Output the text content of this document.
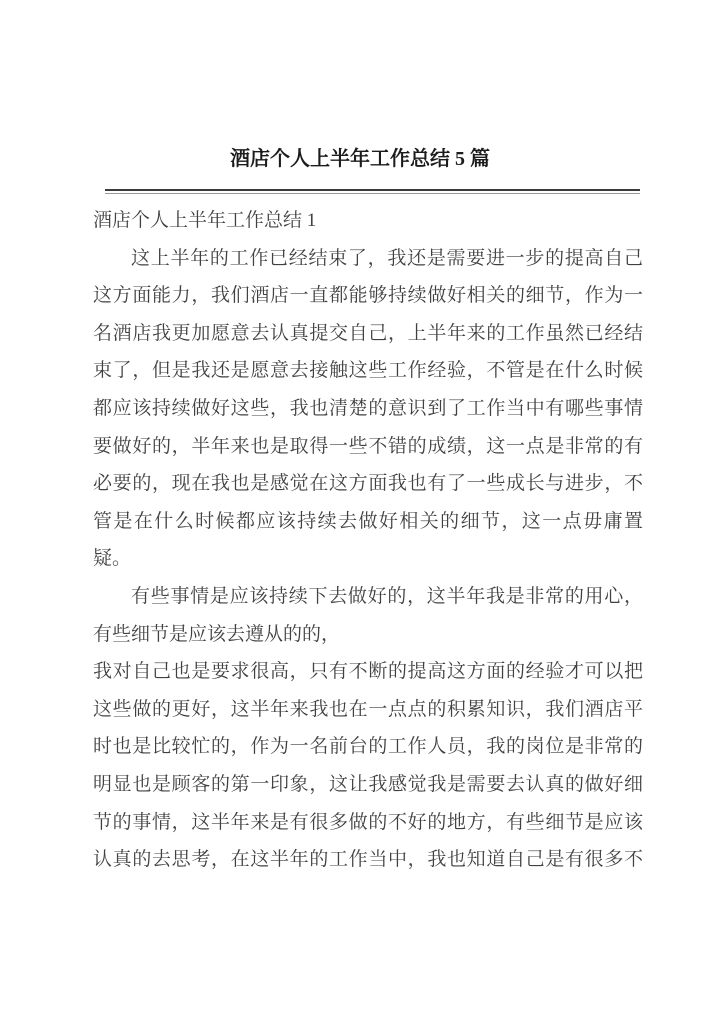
酒店个人上半年工作总结 5 篇
酒店个人上半年工作总结 1
这上半年的工作已经结束了，我还是需要进一步的提高自己
这方面能力，我们酒店一直都能够持续做好相关的细节，作为一
名酒店我更加愿意去认真提交自己，上半年来的工作虽然已经结
束了，但是我还是愿意去接触这些工作经验，不管是在什么时候
都应该持续做好这些，我也清楚的意识到了工作当中有哪些事情
要做好的，半年来也是取得一些不错的成绩，这一点是非常的有
必要的，现在我也是感觉在这方面我也有了一些成长与进步，不
管是在什么时候都应该持续去做好相关的细节，这一点毋庸置
疑。
有些事情是应该持续下去做好的，这半年我是非常的用心，
有些细节是应该去遵从的的，
我对自己也是要求很高，只有不断的提高这方面的经验才可以把
这些做的更好，这半年来我也在一点点的积累知识，我们酒店平
时也是比较忙的，作为一名前台的工作人员，我的岗位是非常的
明显也是顾客的第一印象，这让我感觉我是需要去认真的做好细
节的事情，这半年来是有很多做的不好的地方，有些细节是应该
认真的去思考，在这半年的工作当中，我也知道自己是有很多不
